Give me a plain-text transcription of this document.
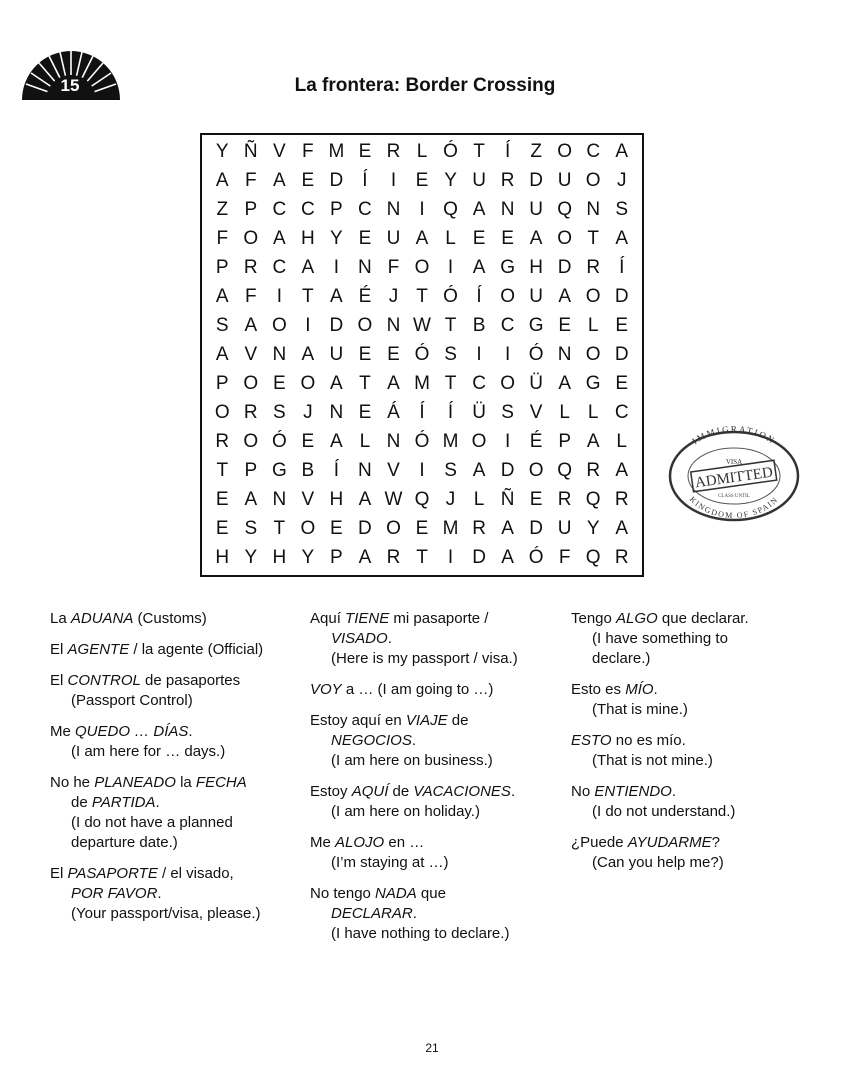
15	La frontera: Border Crossing
Y Ñ V F M E R L Ó T	Í	Z O C A
A F A E D	Í	I	E Y U R D U O J
Z P C C P C N	I Q A N U Q N S
F O A H Y E U A L E E A O T A
P R C A	I	N F O I	A G H D R	Í
A F	I	T A É J T Ó Í O U A O D
S A O I	D O N W T B C G E L E
A V N A U E E Ó S	I	I Ó N O D
P O E O A T A M T C O Ü A G E
O R S J N E Á	Í	Í	Ü S V L L C
R O Ó E A L N Ó M O I	É P A L
T P G B	Í	N V	I	S A D O Q R A
E A N V H A W Q J L Ñ E R Q R
E S T O E D O E M R A D U Y A
H Y H Y P A R T	I	D A Ó F Q R
IMMIGRATION
KINGDOM OF SPAIN
VISA
ADMITTED
CLASS UNTIL
La ADUANA (Customs)
El AGENTE / la agente (Official)
El CONTROL de pasaportes
(Passport Control)
Me QUEDO … DÍAS.
(I am here for … days.)
No he PLANEADO la FECHA
de PARTIDA.
(I do not have a planned
departure date.)
El PASAPORTE / el visado,
POR FAVOR.
(Your passport/visa, please.)
Aquí TIENE mi pasaporte /
VISADO.
(Here is my passport / visa.)
VOY a … (I am going to …)
Estoy aquí en VIAJE de
NEGOCIOS.
(I am here on business.)
Estoy AQUÍ de VACACIONES.
(I am here on holiday.)
Me ALOJO en …
(I’m staying at …)
No tengo NADA que
DECLARAR.
(I have nothing to declare.)
Tengo ALGO que declarar.
(I have something to
declare.)
Esto es MÍO.
(That is mine.)
ESTO no es mío.
(That is not mine.)
No ENTIENDO.
(I do not understand.)
¿Puede AYUDARME?
(Can you help me?)
21
